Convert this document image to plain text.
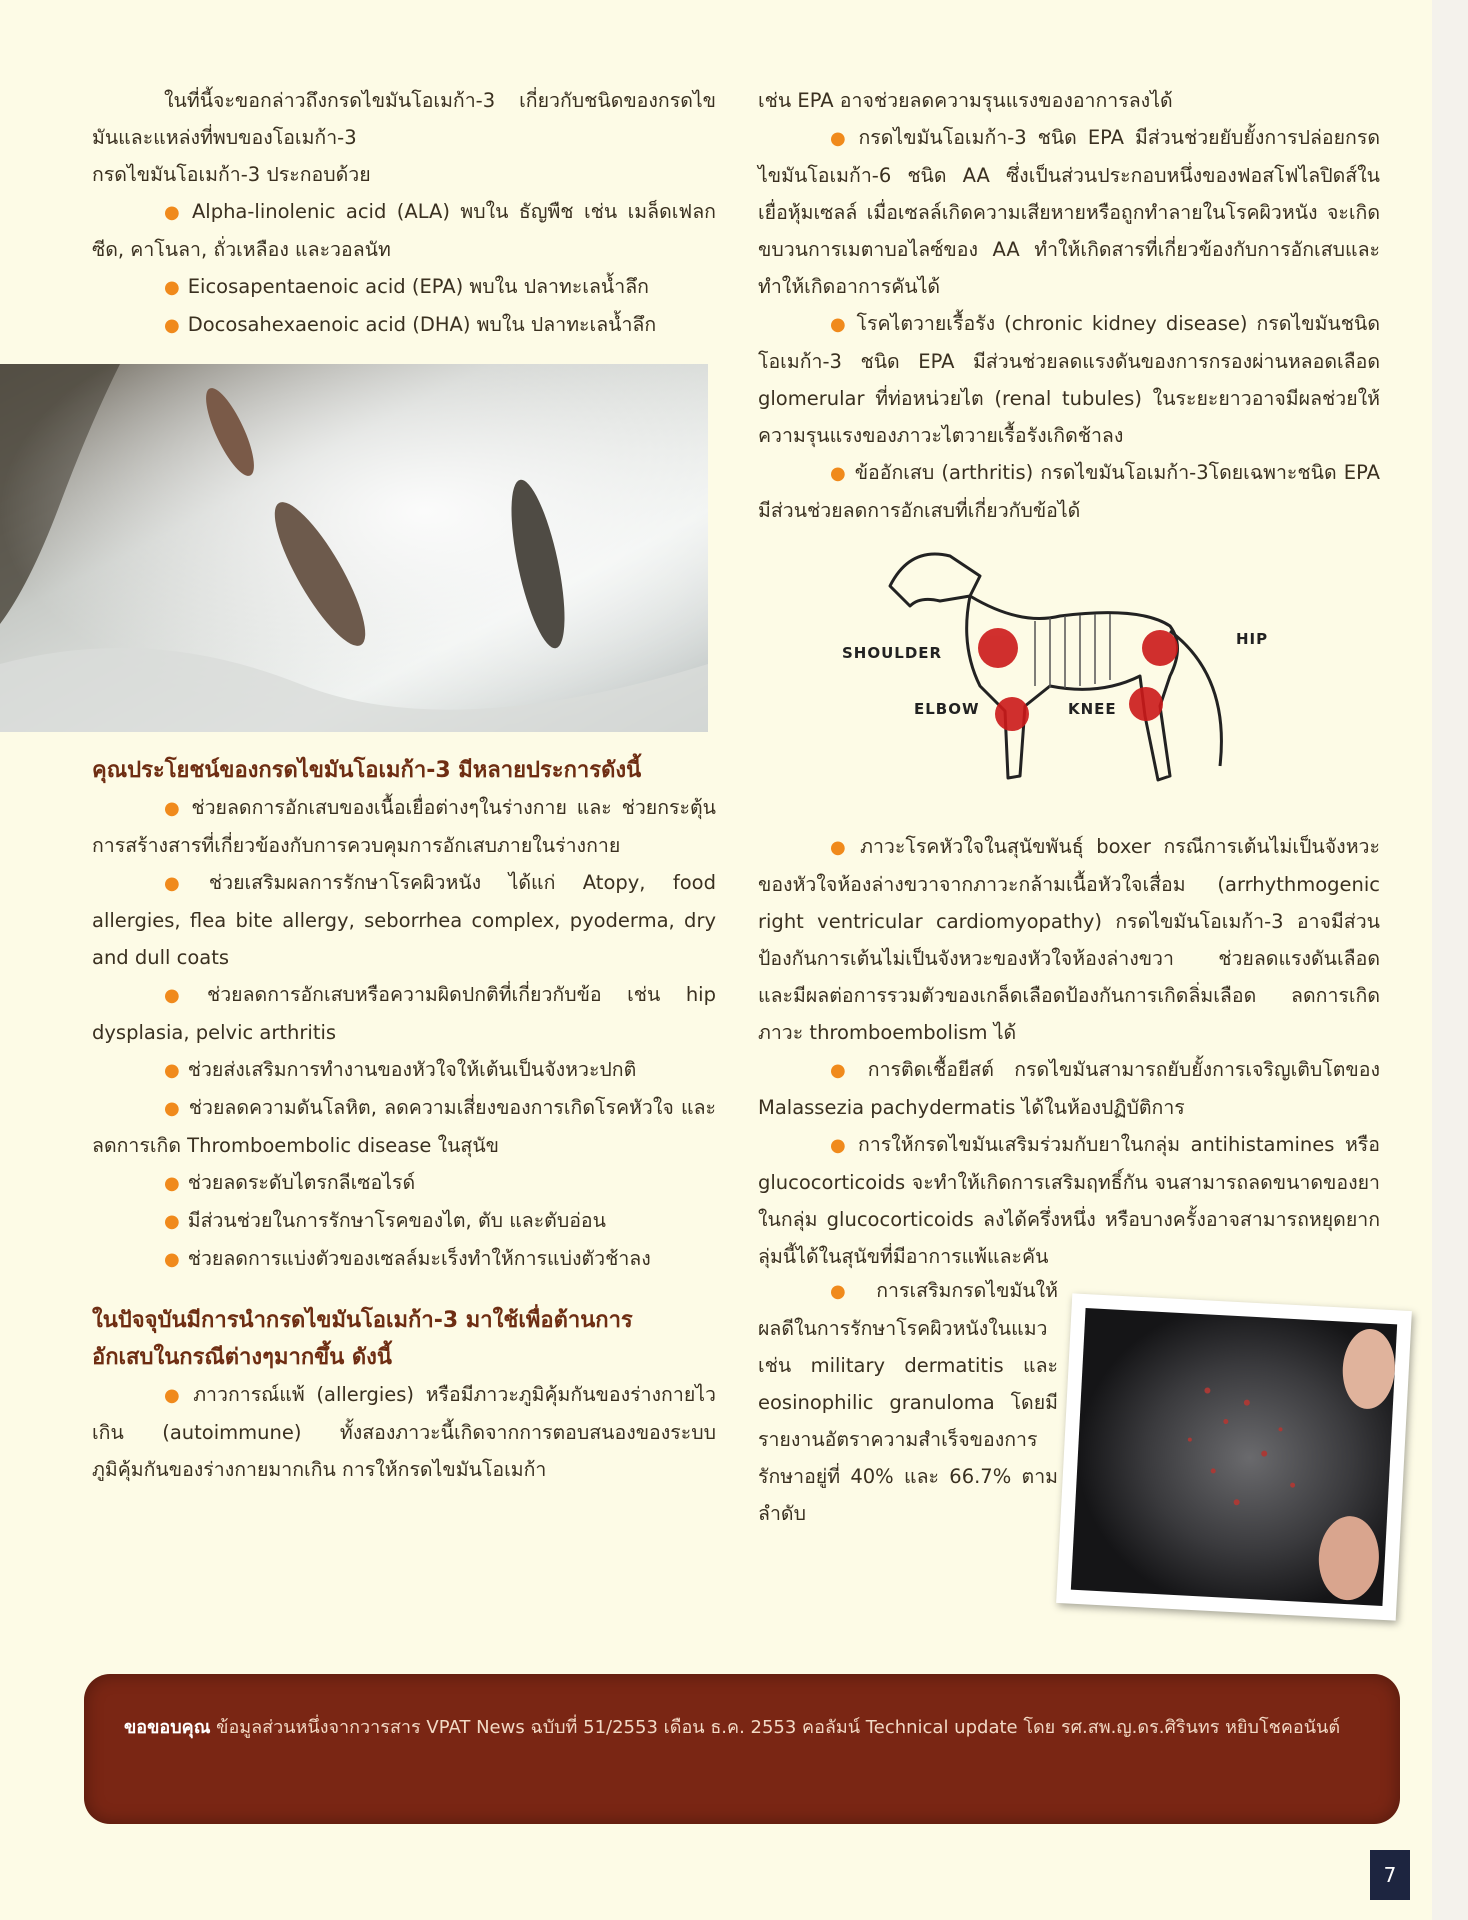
ในที่นี้จะขอกล่าวถึงกรดไขมันโอเมก้า-3 เกี่ยวกับชนิดของกรดไขมันและแหล่งที่พบของโอเมก้า-3

กรดไขมันโอเมก้า-3 ประกอบด้วย

● Alpha-linolenic acid (ALA) พบใน ธัญพืช เช่น เมล็ดเฟลกซีด, คาโนลา, ถั่วเหลือง และวอลนัท

● Eicosapentaenoic acid (EPA) พบใน ปลาทะเลน้ำลึก

● Docosahexaenoic acid (DHA) พบใน ปลาทะเลน้ำลึก

คุณประโยชน์ของกรดไขมันโอเมก้า-3 มีหลายประการดังนี้

● ช่วยลดการอักเสบของเนื้อเยื่อต่างๆในร่างกาย และ ช่วยกระตุ้นการสร้างสารที่เกี่ยวข้องกับการควบคุมการอักเสบภายในร่างกาย

● ช่วยเสริมผลการรักษาโรคผิวหนัง ได้แก่ Atopy, food allergies, flea bite allergy, seborrhea complex, pyoderma, dry and dull coats

● ช่วยลดการอักเสบหรือความผิดปกติที่เกี่ยวกับข้อ เช่น hip dysplasia, pelvic arthritis

● ช่วยส่งเสริมการทำงานของหัวใจให้เต้นเป็นจังหวะปกติ

● ช่วยลดความดันโลหิต, ลดความเสี่ยงของการเกิดโรคหัวใจ และลดการเกิด Thromboembolic disease ในสุนัข

● ช่วยลดระดับไตรกลีเซอไรด์

● มีส่วนช่วยในการรักษาโรคของไต, ตับ และตับอ่อน

● ช่วยลดการแบ่งตัวของเซลล์มะเร็งทำให้การแบ่งตัวช้าลง

ในปัจจุบันมีการนำกรดไขมันโอเมก้า-3 มาใช้เพื่อต้านการ
อักเสบในกรณีต่างๆมากขึ้น ดังนี้

● ภาวการณ์แพ้ (allergies) หรือมีภาวะภูมิคุ้มกันของร่างกายไวเกิน (autoimmune) ทั้งสองภาวะนี้เกิดจากการตอบสนองของระบบภูมิคุ้มกันของร่างกายมากเกิน การให้กรดไขมันโอเมก้า

เช่น EPA อาจช่วยลดความรุนแรงของอาการลงได้

● กรดไขมันโอเมก้า-3 ชนิด EPA มีส่วนช่วยยับยั้งการปล่อยกรดไขมันโอเมก้า-6 ชนิด AA ซึ่งเป็นส่วนประกอบหนึ่งของฟอสโฟไลปิดส์ในเยื่อหุ้มเซลล์ เมื่อเซลล์เกิดความเสียหายหรือถูกทำลายในโรคผิวหนัง จะเกิดขบวนการเมตาบอไลซ์ของ AA ทำให้เกิดสารที่เกี่ยวข้องกับการอักเสบและทำให้เกิดอาการคันได้

● โรคไตวายเรื้อรัง (chronic kidney disease) กรดไขมันชนิดโอเมก้า-3 ชนิด EPA มีส่วนช่วยลดแรงดันของการกรองผ่านหลอดเลือด glomerular ที่ท่อหน่วยไต (renal tubules) ในระยะยาวอาจมีผลช่วยให้ความรุนแรงของภาวะไตวายเรื้อรังเกิดช้าลง

● ข้ออักเสบ (arthritis) กรดไขมันโอเมก้า-3โดยเฉพาะชนิด EPA มีส่วนช่วยลดการอักเสบที่เกี่ยวกับข้อได้

SHOULDER
HIP
ELBOW	KNEE

● ภาวะโรคหัวใจในสุนัขพันธุ์ boxer กรณีการเต้นไม่เป็นจังหวะของหัวใจห้องล่างขวาจากภาวะกล้ามเนื้อหัวใจเสื่อม (arrhythmogenic right ventricular cardiomyopathy) กรดไขมันโอเมก้า-3 อาจมีส่วนป้องกันการเต้นไม่เป็นจังหวะของหัวใจห้องล่างขวา ช่วยลดแรงดันเลือด และมีผลต่อการรวมตัวของเกล็ดเลือดป้องกันการเกิดลิ่มเลือด ลดการเกิดภาวะ thromboembolism ได้

● การติดเชื้อยีสต์ กรดไขมันสามารถยับยั้งการเจริญเติบโตของ Malassezia pachydermatis ได้ในห้องปฏิบัติการ

● การให้กรดไขมันเสริมร่วมกับยาในกลุ่ม antihistamines หรือ glucocorticoids จะทำให้เกิดการเสริมฤทธิ์กัน จนสามารถลดขนาดของยาในกลุ่ม glucocorticoids ลงได้ครึ่งหนึ่ง หรือบางครั้งอาจสามารถหยุดยากลุ่มนี้ได้ในสุนัขที่มีอาการแพ้และคัน

● การเสริมกรดไขมันให้ผลดีในการรักษาโรคผิวหนังในแมว เช่น military dermatitis และ eosinophilic granuloma โดยมีรายงานอัตราความสำเร็จของการรักษาอยู่ที่ 40% และ 66.7% ตามลำดับ

ขอขอบคุณ ข้อมูลส่วนหนึ่งจากวารสาร VPAT News ฉบับที่ 51/2553 เดือน ธ.ค. 2553 คอลัมน์ Technical update โดย รศ.สพ.ญ.ดร.ศิรินทร หยิบโชคอนันต์

7
